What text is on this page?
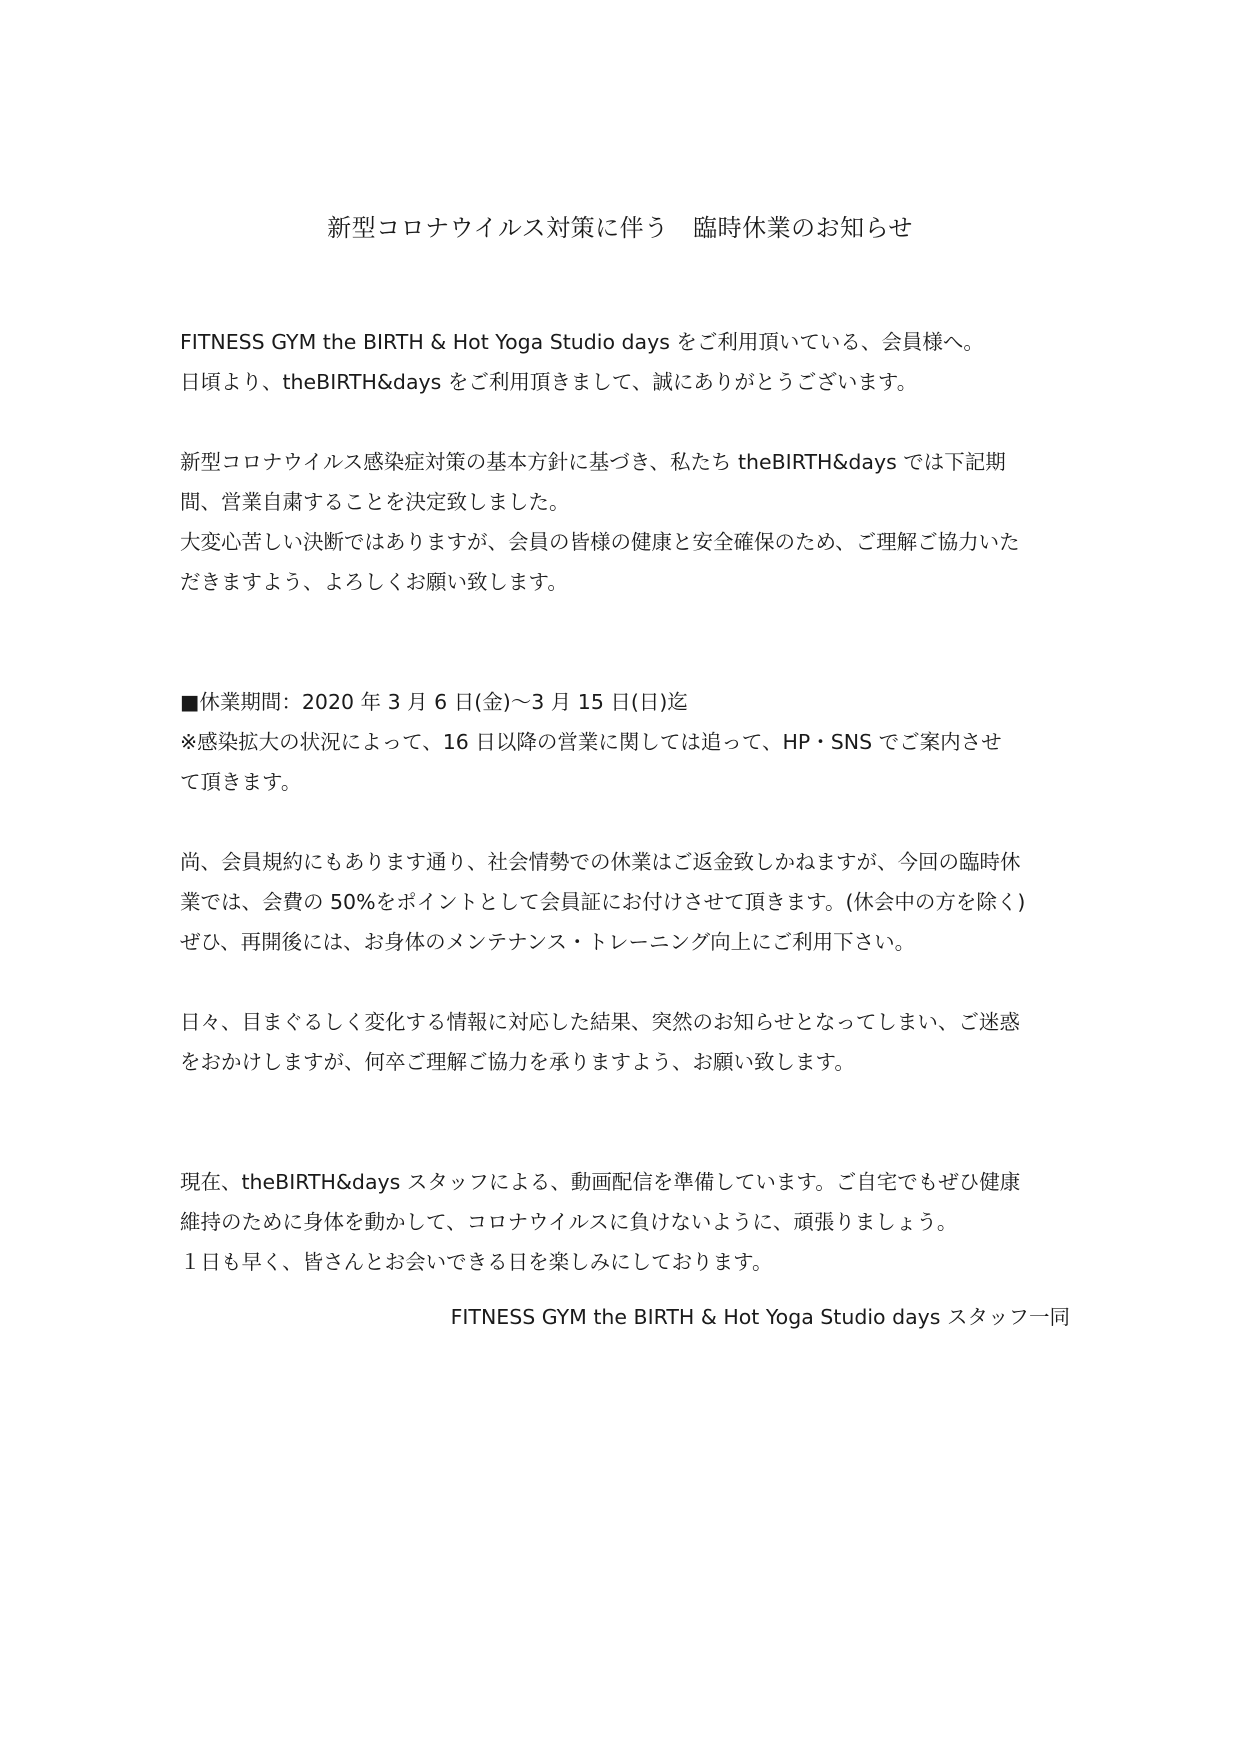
新型コロナウイルス対策に伴う　臨時休業のお知らせ
FITNESS GYM the BIRTH & Hot Yoga Studio days をご利用頂いている、会員様へ。
日頃より、theBIRTH&days をご利用頂きまして、誠にありがとうございます。
新型コロナウイルス感染症対策の基本方針に基づき、私たち theBIRTH&days では下記期
間、営業自粛することを決定致しました。
大変心苦しい決断ではありますが、会員の皆様の健康と安全確保のため、ご理解ご協力いた
だきますよう、よろしくお願い致します。
■休業期間：2020 年 3 月 6 日(金)〜3 月 15 日(日)迄
※感染拡大の状況によって、16 日以降の営業に関しては追って、HP・SNS でご案内させ
て頂きます。
尚、会員規約にもあります通り、社会情勢での休業はご返金致しかねますが、今回の臨時休
業では、会費の 50%をポイントとして会員証にお付けさせて頂きます。(休会中の方を除く)
ぜひ、再開後には、お身体のメンテナンス・トレーニング向上にご利用下さい。
日々、目まぐるしく変化する情報に対応した結果、突然のお知らせとなってしまい、ご迷惑
をおかけしますが、何卒ご理解ご協力を承りますよう、お願い致します。
現在、theBIRTH&days スタッフによる、動画配信を準備しています。ご自宅でもぜひ健康
維持のために身体を動かして、コロナウイルスに負けないように、頑張りましょう。
１日も早く、皆さんとお会いできる日を楽しみにしております。
FITNESS GYM the BIRTH & Hot Yoga Studio days スタッフ一同
